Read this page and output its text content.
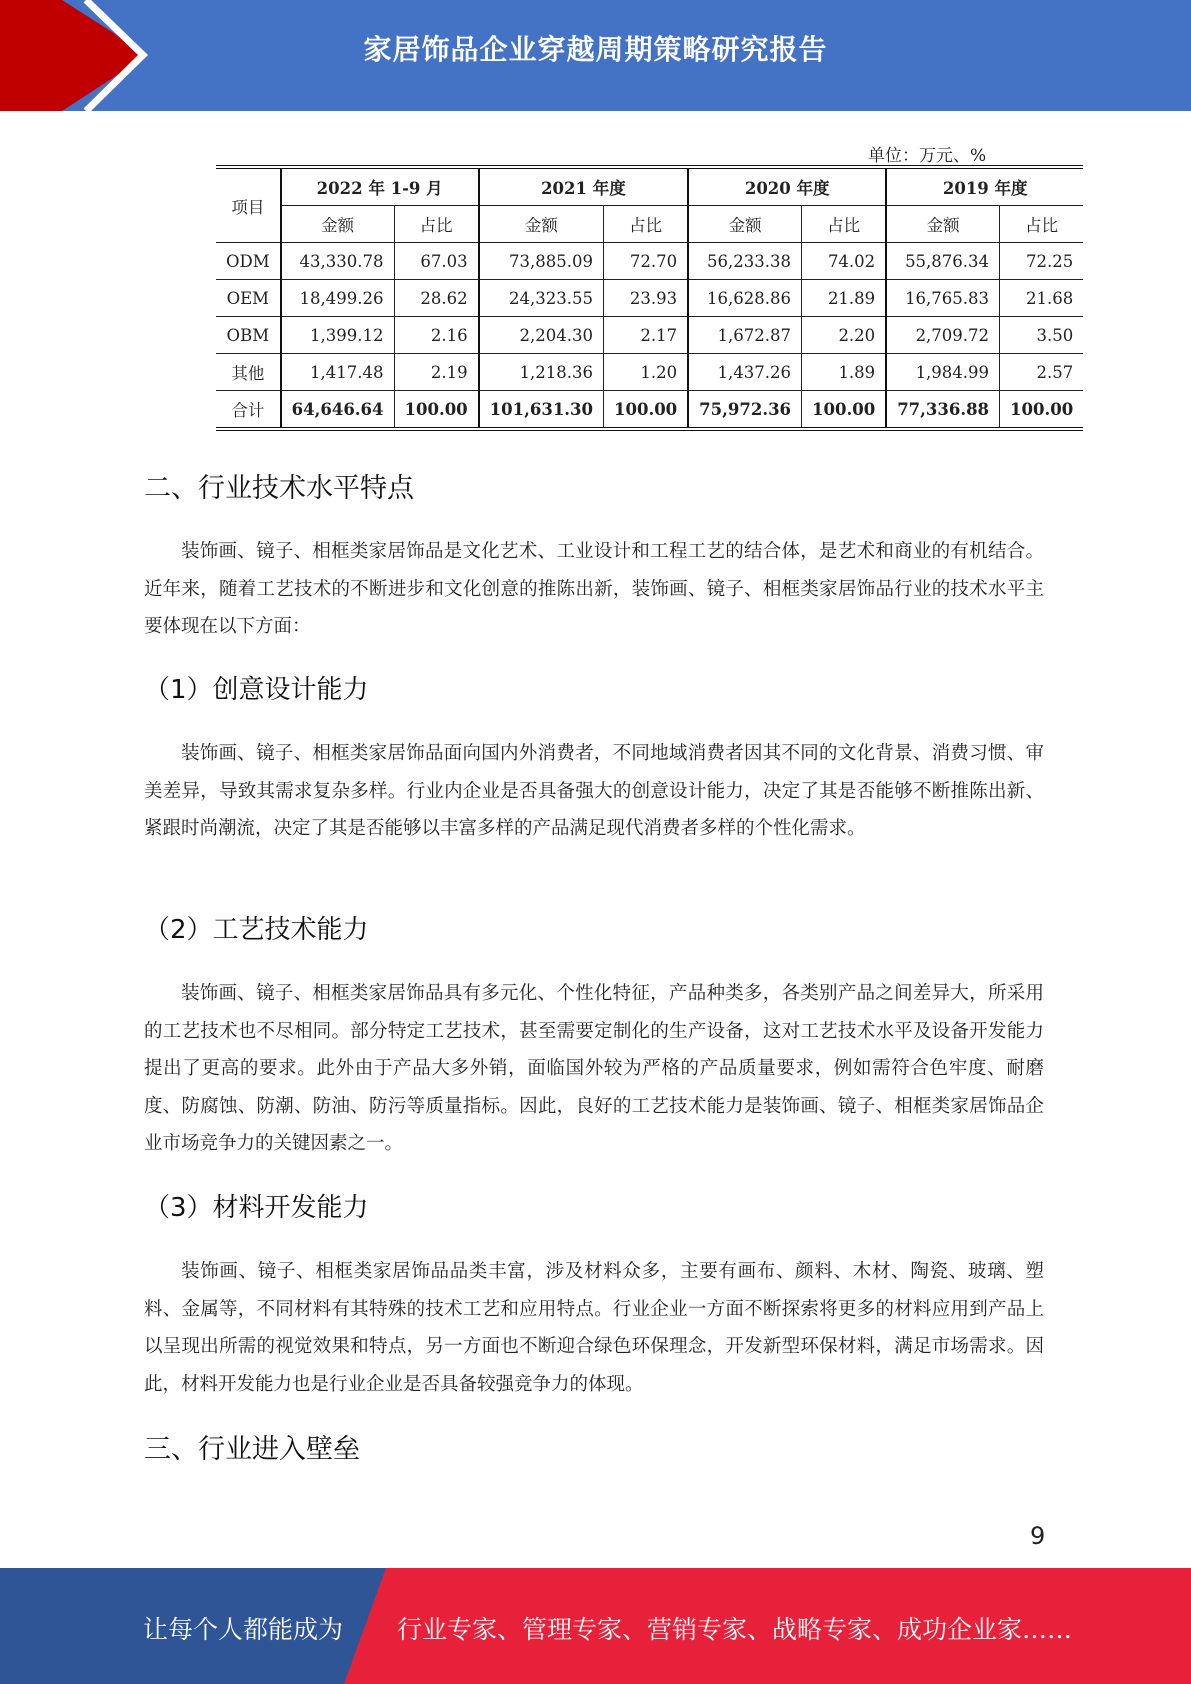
家居饰品企业穿越周期策略研究报告
单位：万元、%
项目	2022 年 1-9 月		2021 年度		2020 年度		2019 年度	
	金额	占比	金额	占比	金额	占比	金额	占比
ODM	43,330.78	67.03	73,885.09	72.70	56,233.38	74.02	55,876.34	72.25
OEM	18,499.26	28.62	24,323.55	23.93	16,628.86	21.89	16,765.83	21.68
OBM	1,399.12	2.16	2,204.30	2.17	1,672.87	2.20	2,709.72	3.50
其他	1,417.48	2.19	1,218.36	1.20	1,437.26	1.89	1,984.99	2.57
合计	64,646.64	100.00	101,631.30	100.00	75,972.36	100.00	77,336.88	100.00
二、行业技术水平特点
装饰画、镜子、相框类家居饰品是文化艺术、工业设计和工程工艺的结合体，是艺术和商业的有机结合。近年来，随着工艺技术的不断进步和文化创意的推陈出新，装饰画、镜子、相框类家居饰品行业的技术水平主要体现在以下方面：
（1）创意设计能力
装饰画、镜子、相框类家居饰品面向国内外消费者，不同地域消费者因其不同的文化背景、消费习惯、审美差异，导致其需求复杂多样。行业内企业是否具备强大的创意设计能力，决定了其是否能够不断推陈出新、紧跟时尚潮流，决定了其是否能够以丰富多样的产品满足现代消费者多样的个性化需求。
（2）工艺技术能力
装饰画、镜子、相框类家居饰品具有多元化、个性化特征，产品种类多，各类别产品之间差异大，所采用的工艺技术也不尽相同。部分特定工艺技术，甚至需要定制化的生产设备，这对工艺技术水平及设备开发能力提出了更高的要求。此外由于产品大多外销，面临国外较为严格的产品质量要求，例如需符合色牢度、耐磨度、防腐蚀、防潮、防油、防污等质量指标。因此，良好的工艺技术能力是装饰画、镜子、相框类家居饰品企业市场竞争力的关键因素之一。
（3）材料开发能力
装饰画、镜子、相框类家居饰品品类丰富，涉及材料众多，主要有画布、颜料、木材、陶瓷、玻璃、塑料、金属等，不同材料有其特殊的技术工艺和应用特点。行业企业一方面不断探索将更多的材料应用到产品上以呈现出所需的视觉效果和特点，另一方面也不断迎合绿色环保理念，开发新型环保材料，满足市场需求。因此，材料开发能力也是行业企业是否具备较强竞争力的体现。
三、行业进入壁垒
9
让每个人都能成为 行业专家、管理专家、营销专家、战略专家、成功企业家……
